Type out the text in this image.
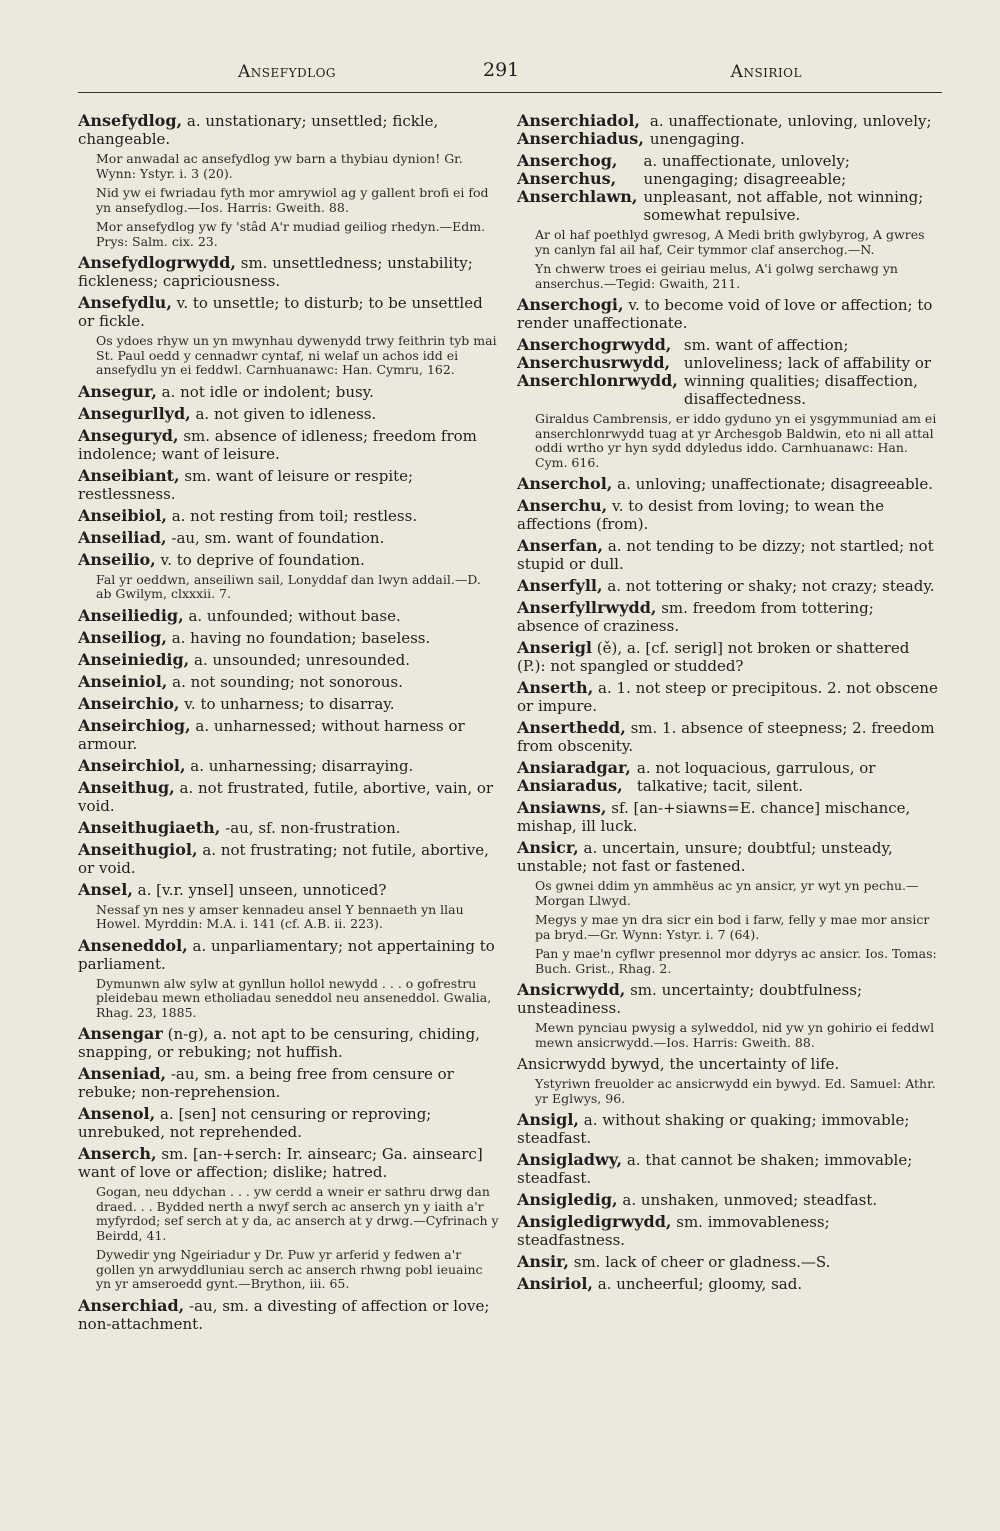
Ansefydlog	291	Ansiriol
Ansefydlog, a. unstationary; unsettled; fickle, changeable.
Mor anwadal ac ansefydlog yw barn a thybiau dynion! Gr. Wynn: Ystyr. i. 3 (20).
Nid yw ei fwriadau fyth mor amrywiol ag y gallent brofi ei fod yn ansefydlog.—Ios. Harris: Gweith. 88.
Mor ansefydlog yw fy 'stâd A'r mudiad geiliog rhedyn.—Edm. Prys: Salm. cix. 23.
Ansefydlogrwydd, sm. unsettledness; unstability; fickleness; capriciousness.
Ansefydlu, v. to unsettle; to disturb; to be unsettled or fickle.
Os ydoes rhyw un yn mwynhau dywenydd trwy feithrin tyb mai St. Paul oedd y cennadwr cyntaf, ni welaf un achos idd ei ansefydlu yn ei feddwl. Carnhuanawc: Han. Cymru, 162.
Ansegur, a. not idle or indolent; busy.
Ansegurllyd, a. not given to idleness.
Anseguryd, sm. absence of idleness; freedom from indolence; want of leisure.
Anseibiant, sm. want of leisure or respite; restlessness.
Anseibiol, a. not resting from toil; restless.
Anseiliad, -au, sm. want of foundation.
Anseilio, v. to deprive of foundation.
Fal yr oeddwn, anseiliwn sail, Lonyddaf dan lwyn addail.—D. ab Gwilym, clxxxii. 7.
Anseiliedig, a. unfounded; without base.
Anseiliog, a. having no foundation; baseless.
Anseiniedig, a. unsounded; unresounded.
Anseiniol, a. not sounding; not sonorous.
Anseirchio, v. to unharness; to disarray.
Anseirchiog, a. unharnessed; without harness or armour.
Anseirchiol, a. unharnessing; disarraying.
Anseithug, a. not frustrated, futile, abortive, vain, or void.
Anseithugiaeth, -au, sf. non-frustration.
Anseithugiol, a. not frustrating; not futile, abortive, or void.
Ansel, a. [v.r. ynsel] unseen, unnoticed?
Nessaf yn nes y amser kennadeu ansel Y bennaeth yn llau Howel. Myrddin: M.A. i. 141 (cf. A.B. ii. 223).
Anseneddol, a. unparliamentary; not appertaining to parliament.
Dymunwn alw sylw at gynllun hollol newydd . . . o gofrestru pleidebau mewn etholiadau seneddol neu anseneddol. Gwalia, Rhag. 23, 1885.
Ansengar (n-g), a. not apt to be censuring, chiding, snapping, or rebuking; not huffish.
Anseniad, -au, sm. a being free from censure or rebuke; non-reprehension.
Ansenol, a. [sen] not censuring or reproving; unrebuked, not reprehended.
Anserch, sm. [an-+serch: Ir. ainsearc; Ga. ainsearc] want of love or affection; dislike; hatred.
Gogan, neu ddychan . . . yw cerdd a wneir er sathru drwg dan draed. . . Bydded nerth a nwyf serch ac anserch yn y iaith a'r myfyrdod; sef serch at y da, ac anserch at y drwg.—Cyfrinach y Beirdd, 41.
Dywedir yng Ngeiriadur y Dr. Puw yr arferid y fedwen a'r gollen yn arwyddluniau serch ac anserch rhwng pobl ieuainc yn yr amseroedd gynt.—Brython, iii. 65.
Anserchiad, -au, sm. a divesting of affection or love; non-attachment.
Anserchiadol,
Anserchiadus,
a. unaffectionate, unloving, unlovely; unengaging.
Anserchog,
Anserchus,
Anserchlawn,
a. unaffectionate, unlovely; unengaging; disagreeable; unpleasant, not affable, not winning; somewhat repulsive.
Ar ol haf poethlyd gwresog, A Medi brith gwlybyrog, A gwres yn canlyn fal ail haf, Ceir tymmor claf anserchog.—N.
Yn chwerw troes ei geiriau melus, A'i golwg serchawg yn anserchus.—Tegid: Gwaith, 211.
Anserchogi, v. to become void of love or affection; to render unaffectionate.
Anserchogrwydd,
Anserchusrwydd,
Anserchlonrwydd,
sm. want of affection; unloveliness; lack of affability or winning qualities; disaffection, disaffectedness.
Giraldus Cambrensis, er iddo gyduno yn ei ysgymmuniad am ei anserchlonrwydd tuag at yr Archesgob Baldwin, eto ni all attal oddi wrtho yr hyn sydd ddyledus iddo. Carnhuanawc: Han. Cym. 616.
Anserchol, a. unloving; unaffectionate; disagreeable.
Anserchu, v. to desist from loving; to wean the affections (from).
Anserfan, a. not tending to be dizzy; not startled; not stupid or dull.
Anserfyll, a. not tottering or shaky; not crazy; steady.
Anserfyllrwydd, sm. freedom from tottering; absence of craziness.
Anserigl (ě), a. [cf. serigl] not broken or shattered (P.): not spangled or studded?
Anserth, a. 1. not steep or precipitous. 2. not obscene or impure.
Anserthedd, sm. 1. absence of steepness; 2. freedom from obscenity.
Ansiaradgar,
Ansiaradus,
a. not loquacious, garrulous, or talkative; tacit, silent.
Ansiawns, sf. [an-+siawns=E. chance] mischance, mishap, ill luck.
Ansicr, a. uncertain, unsure; doubtful; unsteady, unstable; not fast or fastened.
Os gwnei ddim yn ammhëus ac yn ansicr, yr wyt yn pechu.—Morgan Llwyd.
Megys y mae yn dra sicr ein bod i farw, felly y mae mor ansicr pa bryd.—Gr. Wynn: Ystyr. i. 7 (64).
Pan y mae'n cyflwr presennol mor ddyrys ac ansicr. Ios. Tomas: Buch. Grist., Rhag. 2.
Ansicrwydd, sm. uncertainty; doubtfulness; unsteadiness.
Mewn pynciau pwysig a sylweddol, nid yw yn gohirio ei feddwl mewn ansicrwydd.—Ios. Harris: Gweith. 88.
Ansicrwydd bywyd, the uncertainty of life.
Ystyriwn freuolder ac ansicrwydd ein bywyd. Ed. Samuel: Athr. yr Eglwys, 96.
Ansigl, a. without shaking or quaking; immovable; steadfast.
Ansigladwy, a. that cannot be shaken; immovable; steadfast.
Ansigledig, a. unshaken, unmoved; steadfast.
Ansigledigrwydd, sm. immovableness; steadfastness.
Ansir, sm. lack of cheer or gladness.—S.
Ansiriol, a. uncheerful; gloomy, sad.
